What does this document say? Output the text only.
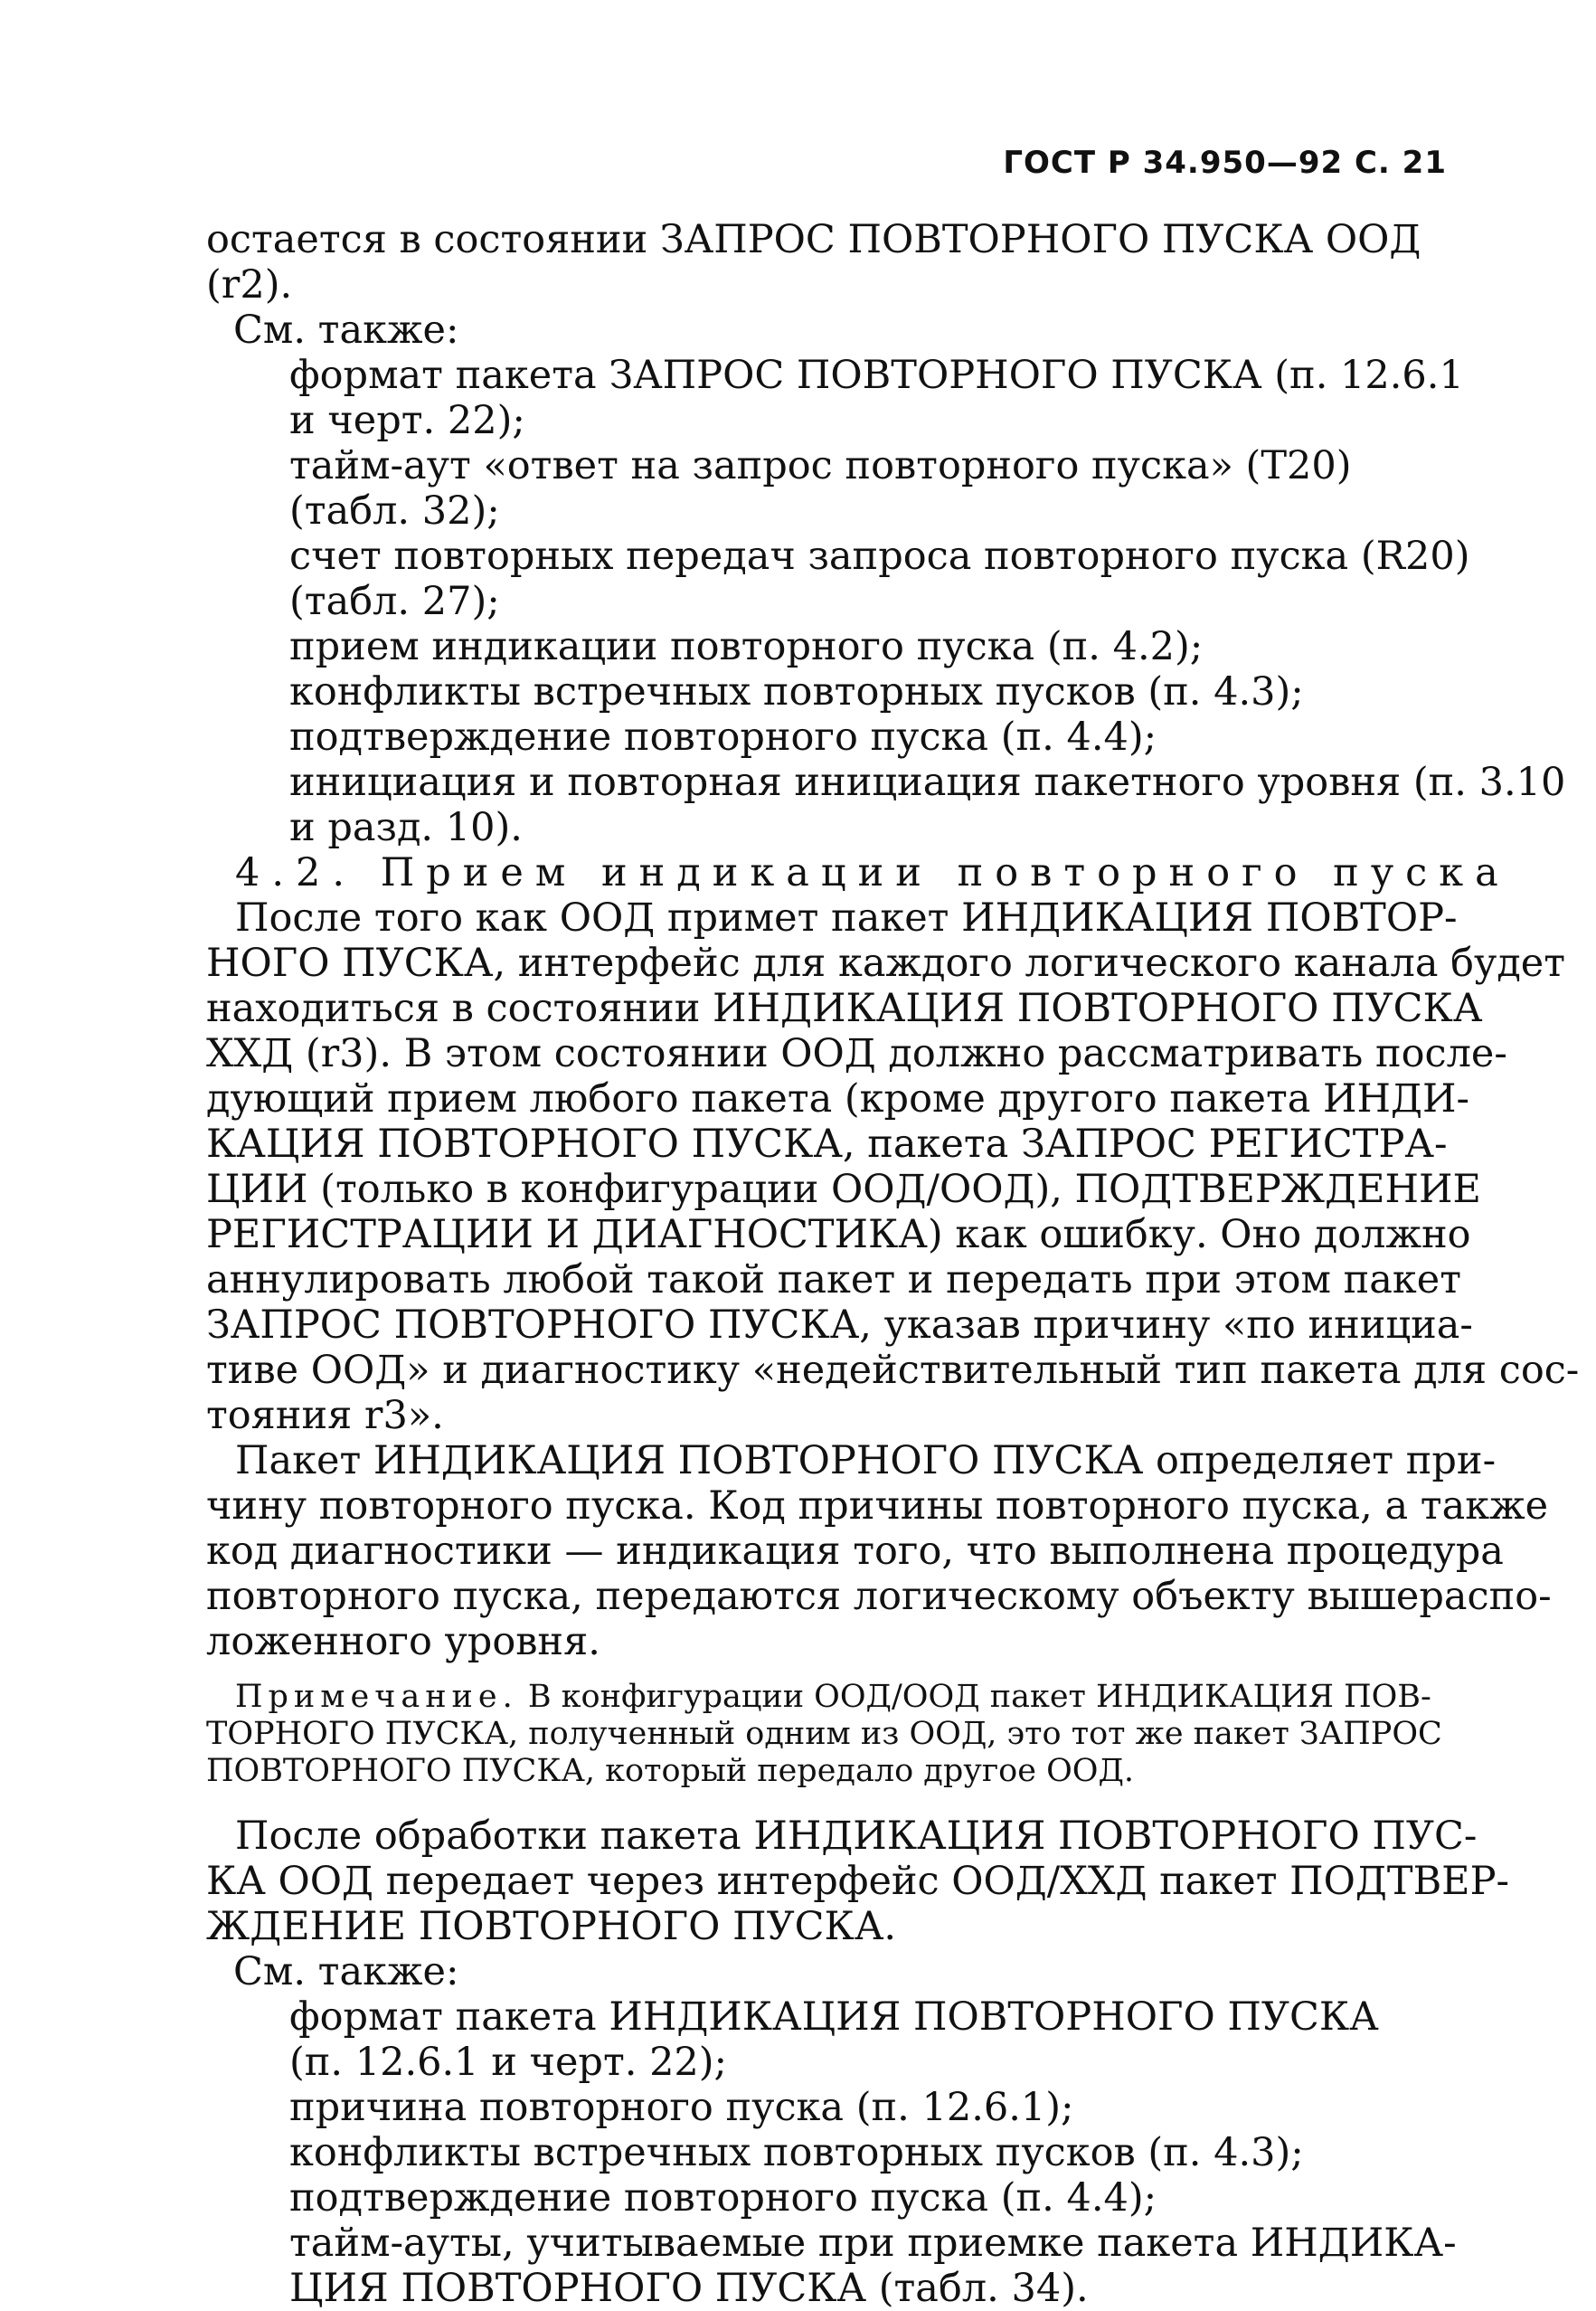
ГОСТ Р 34.950—92 С. 21
остается в состоянии ЗАПРОС ПОВТОРНОГО ПУСКА ООД
(r2).
См. также:
формат пакета ЗАПРОС ПОВТОРНОГО ПУСКА (п. 12.6.1
и черт. 22);
тайм-аут «ответ на запрос повторного пуска» (Т20)
(табл. 32);
счет повторных передач запроса повторного пуска (R20)
(табл. 27);
прием индикации повторного пуска (п. 4.2);
конфликты встречных повторных пусков (п. 4.3);
подтверждение повторного пуска (п. 4.4);
инициация и повторная инициация пакетного уровня (п. 3.10
и разд. 10).
4.2. Прием индикации повторного пуска
После того как ООД примет пакет ИНДИКАЦИЯ ПОВТОР-
НОГО ПУСКА, интерфейс для каждого логического канала будет
находиться в состоянии ИНДИКАЦИЯ ПОВТОРНОГО ПУСКА
ХХД (r3). В этом состоянии ООД должно рассматривать после-
дующий прием любого пакета (кроме другого пакета ИНДИ-
КАЦИЯ ПОВТОРНОГО ПУСКА, пакета ЗАПРОС РЕГИСТРА-
ЦИИ (только в конфигурации ООД/ООД), ПОДТВЕРЖДЕНИЕ
РЕГИСТРАЦИИ И ДИАГНОСТИКА) как ошибку. Оно должно
аннулировать любой такой пакет и передать при этом пакет
ЗАПРОС ПОВТОРНОГО ПУСКА, указав причину «по инициа-
тиве ООД» и диагностику «недействительный тип пакета для сос-
тояния r3».
Пакет ИНДИКАЦИЯ ПОВТОРНОГО ПУСКА определяет при-
чину повторного пуска. Код причины повторного пуска, а также
код диагностики — индикация того, что выполнена процедура
повторного пуска, передаются логическому объекту вышераспо-
ложенного уровня.
Примечание. В конфигурации ООД/ООД пакет ИНДИКАЦИЯ ПОВ-
ТОРНОГО ПУСКА, полученный одним из ООД, это тот же пакет ЗАПРОС
ПОВТОРНОГО ПУСКА, который передало другое ООД.
После обработки пакета ИНДИКАЦИЯ ПОВТОРНОГО ПУС-
КА ООД передает через интерфейс ООД/ХХД пакет ПОДТВЕР-
ЖДЕНИЕ ПОВТОРНОГО ПУСКА.
См. также:
формат пакета ИНДИКАЦИЯ ПОВТОРНОГО ПУСКА
(п. 12.6.1 и черт. 22);
причина повторного пуска (п. 12.6.1);
конфликты встречных повторных пусков (п. 4.3);
подтверждение повторного пуска (п. 4.4);
тайм-ауты, учитываемые при приемке пакета ИНДИКА-
ЦИЯ ПОВТОРНОГО ПУСКА (табл. 34).
